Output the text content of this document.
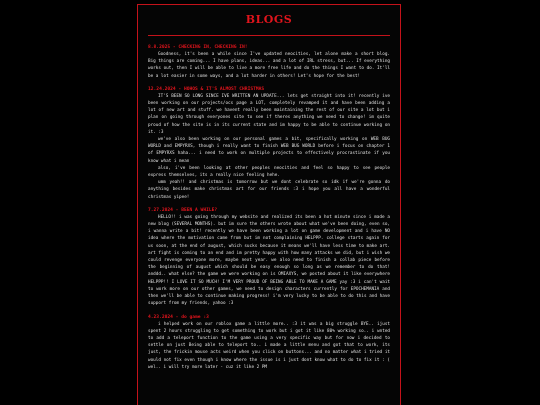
BLOGS
8.8.2025 - CHECKING IN, CHECKING IN!

Goodness, it's been a while since I've updated neocities, let alone make a short blog. Big things are coming... I have plans, ideas... and a lot of IRL stress, but... If everything works out, then I will be able to live a more free life and do the things I want to do. It'll be a lot easier in some ways, and a lot harder in others! Let's hope for the best!

12.24.2024 - HOHOS & IT'S ALMOST CHRISTMAS

IT'S BEEN SO LONG SINCE IVE WRITTEN AN UPDATE... lets get straight into it! recently ive been working on our projects/ocs page a LOT, completely revamped it and have been adding a lot of new art and stuff. we havent really been maintaining the rest of our site a lot but i plan on going through everyones site to see if theres anything we need to change! im quite proud of how the site is in its current state and im happy to be able to continue working on it. :3

we've also been working on our personal games a bit, specifically working on WEB BUG WORLD and EMPYRXS, though i really want to finish WEB BUG WORLD before i focus on chapter 1 of EMPYRXS haha... i need to work on multiple projects to effectively procrastinate if you know what i mean

also, i've been looking at other peoples neocities and feel so happy to see people express themselves, its a really nice feeling hehe.

umm yeah!! and christmas is tomorrow but we dont celebrate so idk if we're gonna do anything besides make christmas art for our friends :3 i hope you all have a wonderful christmas yipee!

7.27.2024 - BEEN A WHILE?

HELLO!! i was going through my website and realized its been a hot minute since i made a new blog (SEVERAL MONTHS). but im sure the others wrote about what we've been doing, even so, i wanna write a bit! recently we have been working a lot on game development and i have NO idea where the motivation came from but im not complaining HELPPP. college starts again for us soon, at the end of august, which sucks because it means we'll have less time to make art. art fight is coming to an end and im pretty happy with how many attacks we did, but i wish we could revenge everyone more, maybe next year. we also need to finish a collab piece before the beginning of august which should be easy enough so long as we remember to do that! anddd.. what else? the game we were working on is OMIAXYS, we posted about it like everywhere HELPPP!! I LOVE IT SO MUCH! I'M VERY PROUD OF BEING ABLE TO MAKE A GAME yay :3 i can't wait to work more on our other games, we need to design characters currently for EPOCHEMANIA and then we'll be able to continue making progress! i'm very lucky to be able to do this and have support from my friends, yahoo :3

4.23.2024 - do game :3

i helped work on our roblox game a little more.. :3 it was a big struggle BYE.. ijust spent 2 hours struggling to get something to work but i got it like 80% working so.. i wnted to add a teleport function to the game using a very specific way but for now i decided to settle on just Being able to teleport to.. i made a little menu and got that to work, its just, the frickin mouse acts weird when you click on buttons... and no matter what i tried it would not fix even though i know where the issue is i just dont know what to do to fix it : ( wel.. i will try more later - cuz it like 2 PM
